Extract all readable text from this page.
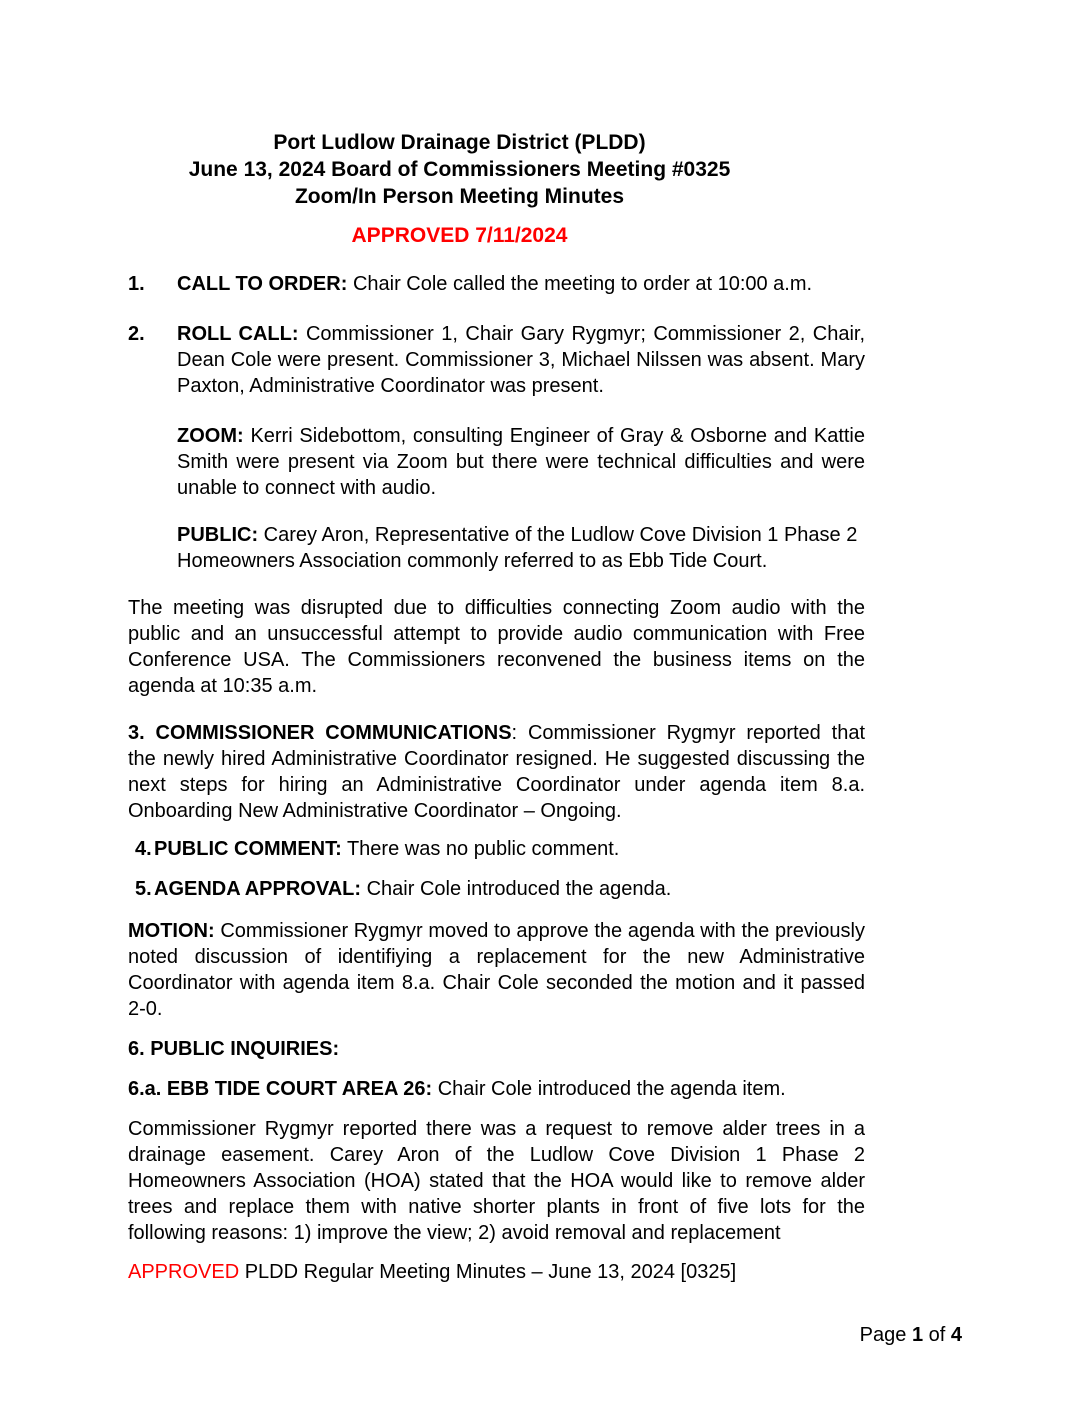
Port Ludlow Drainage District (PLDD)
June 13, 2024 Board of Commissioners Meeting #0325
Zoom/In Person Meeting Minutes
APPROVED 7/11/2024

1. CALL TO ORDER: Chair Cole called the meeting to order at 10:00 a.m.

2. ROLL CALL: Commissioner 1, Chair Gary Rygmyr; Commissioner 2, Chair, Dean Cole were present. Commissioner 3, Michael Nilssen was absent. Mary Paxton, Administrative Coordinator was present.

ZOOM: Kerri Sidebottom, consulting Engineer of Gray & Osborne and Kattie Smith were present via Zoom but there were technical difficulties and were unable to connect with audio.

PUBLIC: Carey Aron, Representative of the Ludlow Cove Division 1 Phase 2 Homeowners Association commonly referred to as Ebb Tide Court.

The meeting was disrupted due to difficulties connecting Zoom audio with the public and an unsuccessful attempt to provide audio communication with Free Conference USA. The Commissioners reconvened the business items on the agenda at 10:35 a.m.

3. COMMISSIONER COMMUNICATIONS: Commissioner Rygmyr reported that the newly hired Administrative Coordinator resigned. He suggested discussing the next steps for hiring an Administrative Coordinator under agenda item 8.a. Onboarding New Administrative Coordinator – Ongoing.

4. PUBLIC COMMENT: There was no public comment.

5. AGENDA APPROVAL: Chair Cole introduced the agenda.

MOTION: Commissioner Rygmyr moved to approve the agenda with the previously noted discussion of identifiying a replacement for the new Administrative Coordinator with agenda item 8.a. Chair Cole seconded the motion and it passed 2-0.

6. PUBLIC INQUIRIES:

6.a. EBB TIDE COURT AREA 26: Chair Cole introduced the agenda item.

Commissioner Rygmyr reported there was a request to remove alder trees in a drainage easement. Carey Aron of the Ludlow Cove Division 1 Phase 2 Homeowners Association (HOA) stated that the HOA would like to remove alder trees and replace them with native shorter plants in front of five lots for the following reasons: 1) improve the view; 2) avoid removal and replacement

APPROVED PLDD Regular Meeting Minutes – June 13, 2024 [0325]

Page 1 of 4
